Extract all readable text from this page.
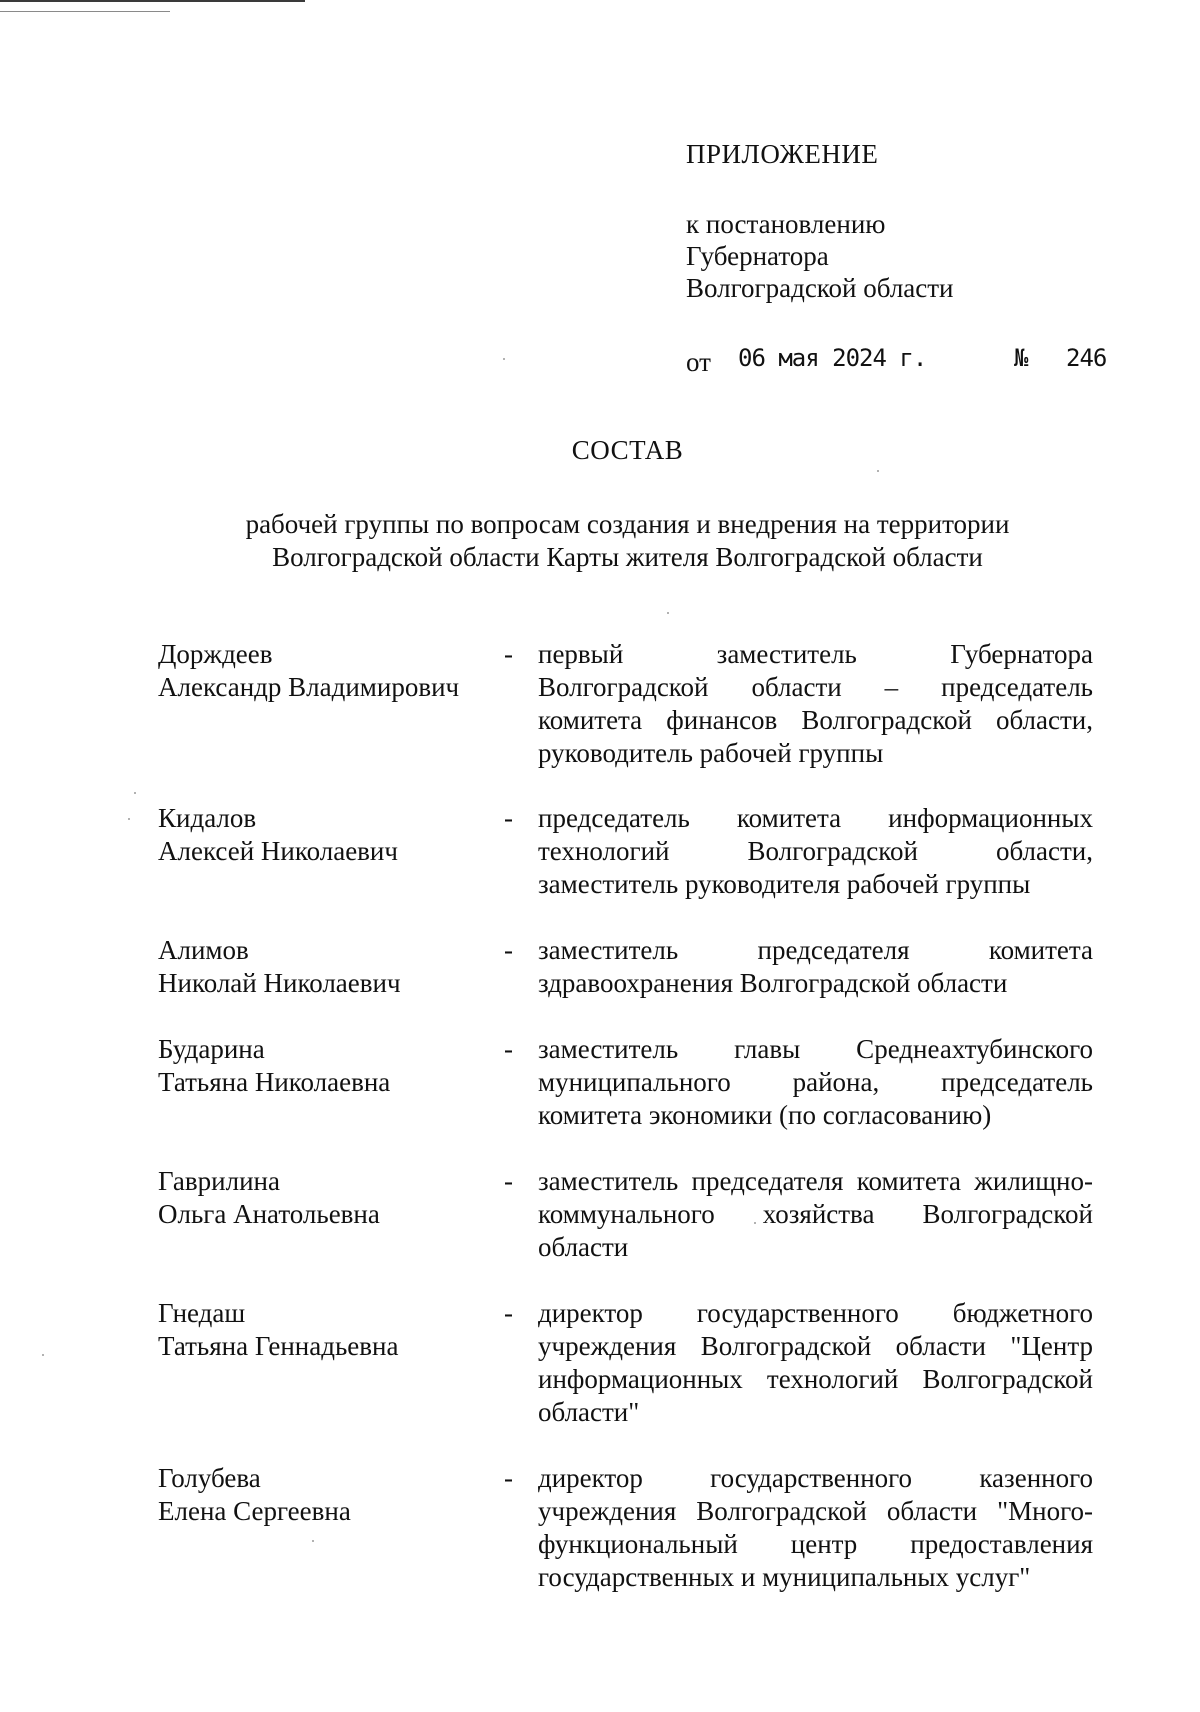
ПРИЛОЖЕНИЕ
к постановлению
Губернатора
Волгоградской области
от 06 мая 2024 г.	№ 246
СОСТАВ
рабочей группы по вопросам создания и внедрения на территории
Волгоградской области Карты жителя Волгоградской области
Дорждеев
Александр Владимирович
- первый заместитель Губернатора Волгоградской области – председатель комитета финансов Волгоградской области, руководитель рабочей группы
Кидалов
Алексей Николаевич
- председатель комитета информационных технологий Волгоградской области, заместитель руководителя рабочей группы
Алимов
Николай Николаевич
- заместитель председателя комитета здравоохранения Волгоградской области
Бударина
Татьяна Николаевна
- заместитель главы Среднеахтубинского муниципального района, председатель комитета экономики (по согласованию)
Гаврилина
Ольга Анатольевна
- заместитель председателя комитета жилищно-коммунального хозяйства Волгоградской области
Гнедаш
Татьяна Геннадьевна
- директор государственного бюджетного учреждения Волгоградской области "Центр информационных технологий Волгоградской области"
Голубева
Елена Сергеевна
- директор государственного казенного учреждения Волгоградской области "Много-функциональный центр предоставления государственных и муниципальных услуг"
